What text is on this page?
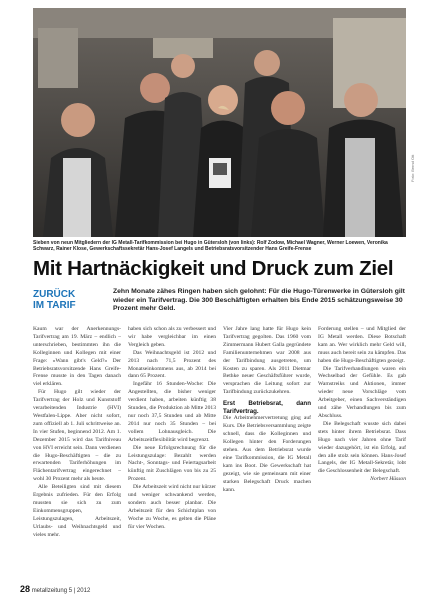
Foto: Bernd Ott
Sieben von neun Mitgliedern der IG Metall-Tarifkommission bei Hugo in Gütersloh (von links): Rolf Zodow, Michael Wagner, Werner Loewen, Veronika Schwarz, Rainer Klose, Gewerkschaftssekretär Hans-Josef Langels und Betriebsratsvorsitzender Hans Greife-Frense
Mit Hartnäckigkeit und Druck zum Ziel
ZURÜCK
IM TARIF
Zehn Monate zähes Ringen haben sich gelohnt: Für die Hugo-Türenwerke in Gütersloh gilt wieder ein Tarifvertrag. Die 300 Beschäftigten erhalten bis Ende 2015 schätzungsweise 30 Prozent mehr Geld.

Kaum war der Anerkennungs-Tarifvertrag am 19. März – endlich – unterschrieben, bestimmten ihn die Kolleginnen und Kollegen mit einer Frage: »Wann gibt's Geld?« Der Betriebsratsvorsitzende Hans Greife-Frense musste in den Tagen danach viel erklären.

Für Hugo gilt wieder der Tarifvertrag der Holz und Kunststoff verarbeitenden Industrie (HVI) Westfalen-Lippe. Aber nicht sofort, zum offiziell ab 1. Juli schrittweise an. In vier Stufen, beginnend 2012. Am 1. Dezember 2015 wird das Tarifniveau von HVI erreicht sein. Dann verdienen die Hugo-Beschäftigten – die zu erwartenden Tariferhöhungen im Flächentarifvertrag eingerechnet – wohl 30 Prozent mehr als heute.

Alle Beteiligten sind mit diesem Ergebnis zufrieden. Für den Erfolg mussten sie sich zu zum Einkommensgruppen, Leistungszulagen, Arbeitszeit, Urlaubs- und Weihnachtsgeld und vieles mehr.

haben sich schon als zu verbessert und wir habe vergleichbar im einen Vergleich geben.

Das Weihnachtsgeld ist 2012 und 2013 nach 71,5 Prozent des Monatseinkommens aus, ab 2014 bei dann 65 Prozent.

Ingefähr 16 Stunden-Woche: Die Angestellten, die bisher weniger verdient haben, arbeiten künftig 38 Stunden, die Produktion ab Mitte 2013 nur noch 37,5 Stunden und ab Mitte 2014 nur noch 35 Stunden – bei vollem Lohnausgleich. Die Arbeitszeitflexibilität wird begrenzt.

Die neue Erfolgsrechnung für die Leistungszulage: Bezahlt werden Nacht-, Sonntags- und Feiertagsarbeit künftig mit Zuschlägen von bis zu 25 Prozent.

Die Arbeitszeit wird nicht nur kürzer und weniger schwankend werden, sondern auch besser planbar. Die Arbeitszeit für den Schichtplan von Woche zu Woche, es gelten die Pläne für vier Wochen.

Vier Jahre lang hatte für Hugo kein Tarifvertrag gegolten. Das 1960 vom Zimmermann Hubert Galla gegründete Familienunternehmen war 2008 aus der Tarifbindung ausgetreten, um Kosten zu sparen. Als 2011 Dietmar Bethke neuer Geschäftsführer wurde, versprachen die Leitung sofort zur Tarifbindung zurückzukehren.

Erst Betriebsrat, dann Tarifvertrag.

Die Arbeitnehmervertretung ging auf Kurs. Die Betriebsversammlung zeigte schnell, dass die Kolleginnen und Kollegen hinter den Forderungen stehen. Aus dem Betriebsrat wurde eine Tarifkommission, die IG Metall kam ins Boot. Die Gewerkschaft hat gezeigt, wie sie gemeinsam mit einer starken Belegschaft Druck machen kann.

Forderung stellen – und Mitglied der IG Metall werden. Diese Botschaft kam an. Wer wirklich mehr Geld will, muss auch bereit sein zu kämpfen. Das haben die Hugo-Beschäftigten gezeigt.

Die Tarifverhandlungen waren ein Wechselbad der Gefühle. Es gab Warnstreiks und Aktionen, immer wieder neue Vorschläge vom Arbeitgeber, einen Sachverständigen und zähe Verhandlungen bis zum Abschluss.

Die Belegschaft wusste sich dabei stets hinter ihrem Betriebsrat. Dass Hugo nach vier Jahren ohne Tarif wieder dazugehört, ist ein Erfolg, auf den alle stolz sein können. Hans-Josef Langels, der IG Metall-Sekretär, lobt die Geschlossenheit der Belegschaft.

Norbert Hüsson

28 metallzeitung 5 | 2012
